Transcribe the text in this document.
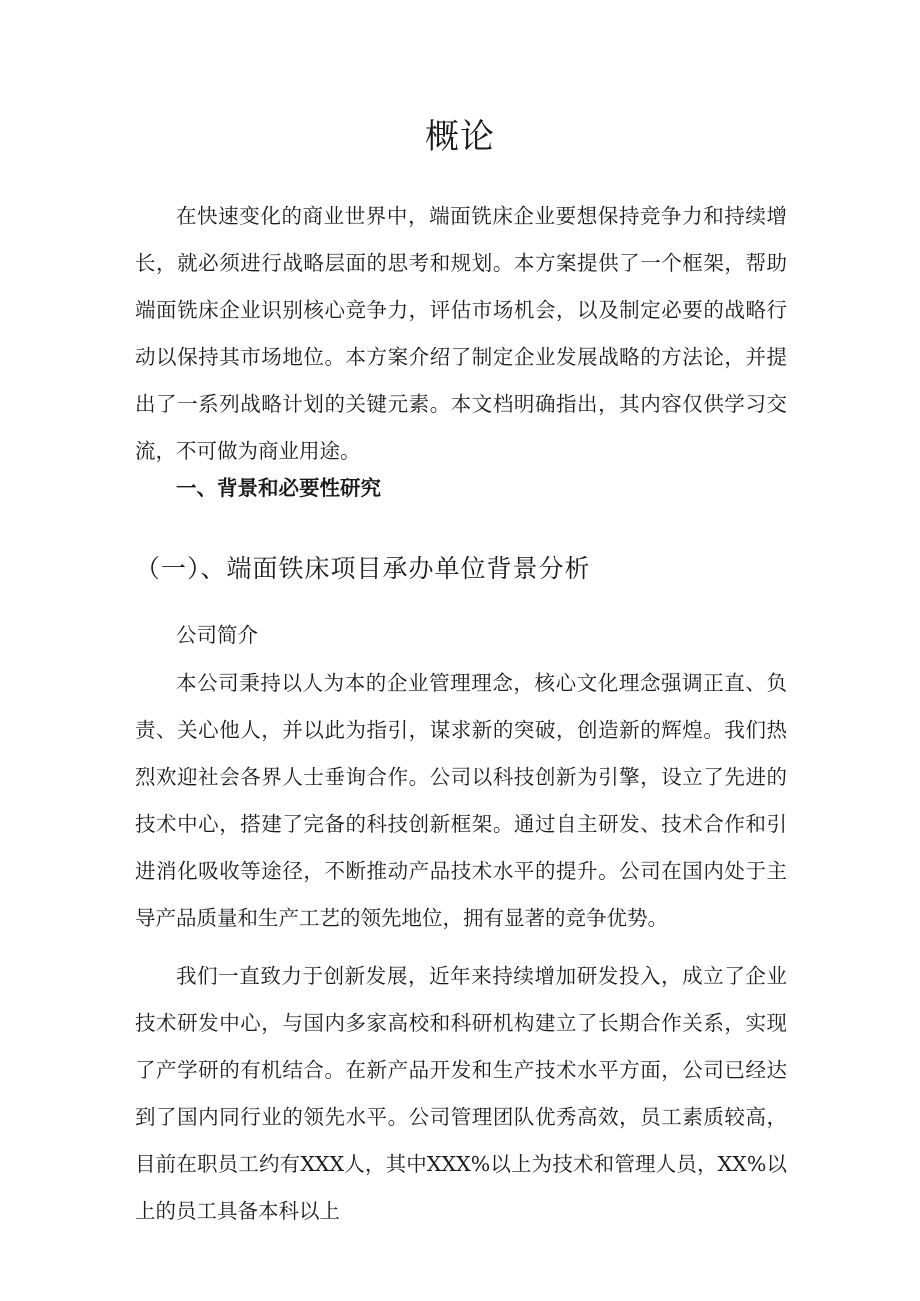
概论

在快速变化的商业世界中，端面铣床企业要想保持竞争力和持续增长，就必须进行战略层面的思考和规划。本方案提供了一个框架，帮助端面铣床企业识别核心竞争力，评估市场机会，以及制定必要的战略行动以保持其市场地位。本方案介绍了制定企业发展战略的方法论，并提出了一系列战略计划的关键元素。本文档明确指出，其内容仅供学习交流，不可做为商业用途。

一、背景和必要性研究
（一）、端面铁床项目承办单位背景分析
公司简介

本公司秉持以人为本的企业管理理念，核心文化理念强调正直、负责、关心他人，并以此为指引，谋求新的突破，创造新的辉煌。我们热烈欢迎社会各界人士垂询合作。公司以科技创新为引擎，设立了先进的技术中心，搭建了完备的科技创新框架。通过自主研发、技术合作和引进消化吸收等途径，不断推动产品技术水平的提升。公司在国内处于主导产品质量和生产工艺的领先地位，拥有显著的竞争优势。

我们一直致力于创新发展，近年来持续增加研发投入，成立了企业技术研发中心，与国内多家高校和科研机构建立了长期合作关系，实现了产学研的有机结合。在新产品开发和生产技术水平方面，公司已经达到了国内同行业的领先水平。公司管理团队优秀高效，员工素质较高，目前在职员工约有XXX人，其中XXX%以上为技术和管理人员，XX%以上的员工具备本科以上
